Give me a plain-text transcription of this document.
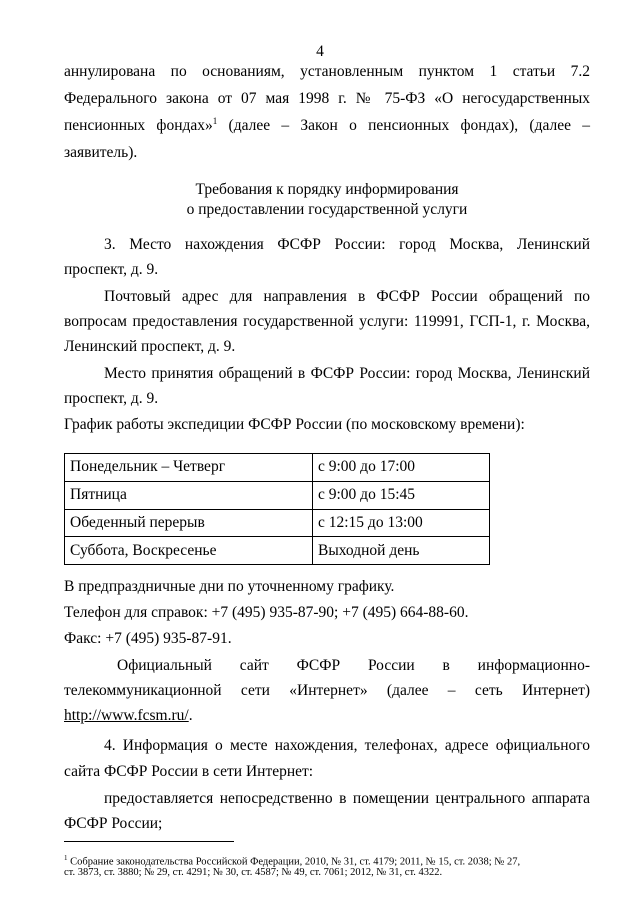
4
аннулирована по основаниям, установленным пунктом 1 статьи 7.2
Федерального закона от 07 мая 1998 г. № 75-ФЗ «О негосударственных
пенсионных фондах»$^1$ (далее – Закон о пенсионных фондах), (далее –
заявитель).
Требования к порядку информирования
о предоставлении государственной услуги
3. Место нахождения ФСФР России: город Москва, Ленинский
проспект, д. 9.
Почтовый адрес для направления в ФСФР России обращений по
вопросам предоставления государственной услуги: 119991, ГСП-1, г. Москва,
Ленинский проспект, д. 9.
Место принятия обращений в ФСФР России: город Москва, Ленинский
проспект, д. 9.
График работы экспедиции ФСФР России (по московскому времени):
Понедельник – Четверг	с 9:00 до 17:00
Пятница	с 9:00 до 15:45
Обеденный перерыв	с 12:15 до 13:00
Суббота, Воскресенье	Выходной день
В предпраздничные дни по уточненному графику.
Телефон для справок: +7 (495) 935-87-90; +7 (495) 664-88-60.
Факс: +7 (495) 935-87-91.
Официальный сайт ФСФР России в информационно-
телекоммуникационной сети «Интернет» (далее – сеть Интернет)
http://www.fcsm.ru/.
4. Информация о месте нахождения, телефонах, адресе официального
сайта ФСФР России в сети Интернет:
предоставляется непосредственно в помещении центрального аппарата
ФСФР России;
$^1$ Собрание законодательства Российской Федерации, 2010, № 31, ст. 4179; 2011, № 15, ст. 2038; № 27,
ст. 3873, ст. 3880; № 29, ст. 4291; № 30, ст. 4587; № 49, ст. 7061; 2012, № 31, ст. 4322.
